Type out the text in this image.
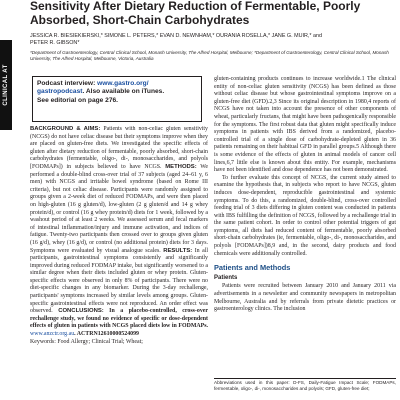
CLINICAL AT
Sensitivity After Dietary Reduction of Fermentable, Poorly Absorbed, Short-Chain Carbohydrates
JESSICA R. BIESIEKIERSKI,* SIMONE L. PETERS,* EVAN D. NEWNHAM,* OURANIA ROSELLA,* JANE G. MUIR,* and PETER R. GIBSON*
*Department of Gastroenterology, Central Clinical School, Monash University, The Alfred Hospital, Melbourne; *Department of Gastroenterology, Central Clinical School, Monash University, The Alfred Hospital, Melbourne, Victoria, Australia
Podcast interview: www.gastro.org/ gastropodcast. Also available on iTunes.
See editorial on page 276.
BACKGROUND & AIMS: Patients with non-celiac gluten sensitivity (NCGS) do not have celiac disease but their symptoms improve when they are placed on gluten-free diets. We investigated the specific effects of gluten after dietary reduction of fermentable, poorly absorbed, short-chain carbohydrates (fermentable, oligo-, di-, monosaccharides, and polyols [FODMAPs]) in subjects believed to have NCGS. METHODS: We performed a double-blind cross-over trial of 37 subjects (aged 24–61 y, 6 men) with NCGS and irritable bowel syndrome (based on Rome III criteria), but not celiac disease. Participants were randomly assigned to groups given a 2-week diet of reduced FODMAPs, and were then placed on high-gluten (16 g gluten/d), low-gluten (2 g gluten/d and 14 g whey protein/d), or control (16 g whey protein/d) diets for 1 week, followed by a washout period of at least 2 weeks. We assessed serum and fecal markers of intestinal inflammation/injury and immune activation, and indices of fatigue. Twenty-two participants then crossed over to groups given gluten (16 g/d), whey (16 g/d), or control (no additional protein) diets for 3 days. Symptoms were evaluated by visual analogue scales. RESULTS: In all participants, gastrointestinal symptoms consistently and significantly improved during reduced FODMAP intake, but significantly worsened to a similar degree when their diets included gluten or whey protein. Gluten-specific effects were observed in only 8% of participants. There were no diet-specific changes in any biomarker. During the 3-day rechallenge, participants' symptoms increased by similar levels among groups. Gluten-specific gastrointestinal effects were not reproduced. An order effect was observed. CONCLUSIONS: In a placebo-controlled, cross-over rechallenge study, we found no evidence of specific or dose-dependent effects of gluten in patients with NCGS placed diets low in FODMAPs. www.anzctr.org.au. ACTRN12610000524099
Keywords: Food Allergy; Clinical Trial; Wheat;

gluten-containing products continues to increase worldwide.1 The clinical entity of non-celiac gluten sensitivity (NCGS) has been defined as those without celiac disease but whose gastrointestinal symptoms improve on a gluten-free diet (GFD).2,3 Since its original description in 1980,4 reports of NCGS have not taken into account the presence of other components of wheat, particularly fructans, that might have been pathogenically responsible for the symptoms. The first robust data that gluten might specifically induce symptoms in patients with IBS derived from a randomized, placebo-controlled trial of a single dose of carbohydrate-depleted gluten in 36 patients remaining on their habitual GFD in parallel groups.5 Although there is some evidence of the effects of gluten in animal models of cancer cell lines,6,7 little else is known about this entity. For example, mechanisms have not been identified and dose dependence has not been demonstrated.

To further evaluate this concept of NCGS, the current study aimed to examine the hypothesis that, in subjects who report to have NCGS, gluten induces dose-dependent, reproducible gastrointestinal and systemic symptoms. To do this, a randomized, double-blind, cross-over controlled feeding trial of 3 diets differing in gluten content was conducted in patients with IBS fulfilling the definition of NCGS, followed by a rechallenge trial in the same patient cohort. In order to control other potential triggers of gut symptoms, all diets had reduced content of fermentable, poorly absorbed short-chain carbohydrates (ie, fermentable, oligo-, di-, monosaccharides, and polyols [FODMAPs])8,9 and, in the second, dairy products and food chemicals were additionally controlled.

Patients and Methods
Patients

Patients were recruited between January 2010 and January 2011 via advertisements in a newsletter and community newspapers in metropolitan Melbourne, Australia and by referrals from private dietetic practices or gastroenterology clinics. The inclusion

Abbreviations used in this paper: D-FS, Daily-Fatigue Impact Scale; FODMAPs, fermentable, oligo-, di-, monosaccharides and polyols; GFD, gluten-free diet;
